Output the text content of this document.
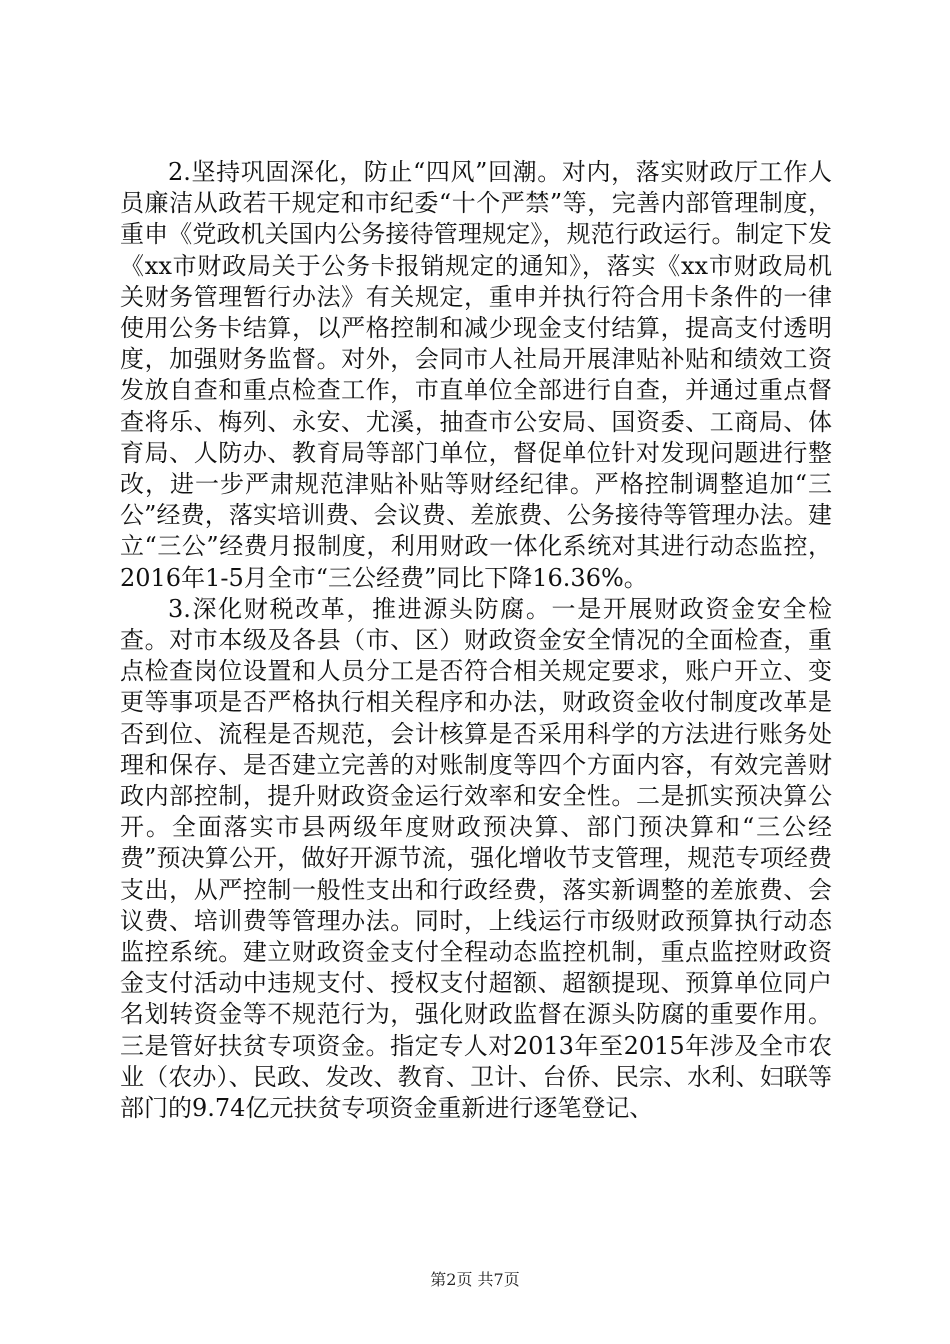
2.坚持巩固深化，防止“四风”回潮。对内，落实财政厅工作人员廉洁从政若干规定和市纪委“十个严禁”等，完善内部管理制度，重申《党政机关国内公务接待管理规定》，规范行政运行。制定下发《xx市财政局关于公务卡报销规定的通知》，落实《xx市财政局机关财务管理暂行办法》有关规定，重申并执行符合用卡条件的一律使用公务卡结算，以严格控制和减少现金支付结算，提高支付透明度，加强财务监督。对外，会同市人社局开展津贴补贴和绩效工资发放自查和重点检查工作，市直单位全部进行自查，并通过重点督查将乐、梅列、永安、尤溪，抽查市公安局、国资委、工商局、体育局、人防办、教育局等部门单位，督促单位针对发现问题进行整改，进一步严肃规范津贴补贴等财经纪律。严格控制调整追加“三公”经费，落实培训费、会议费、差旅费、公务接待等管理办法。建立“三公”经费月报制度，利用财政一体化系统对其进行动态监控，2016年1-5月全市“三公经费”同比下降16.36%。

3.深化财税改革，推进源头防腐。一是开展财政资金安全检查。对市本级及各县（市、区）财政资金安全情况的全面检查，重点检查岗位设置和人员分工是否符合相关规定要求，账户开立、变更等事项是否严格执行相关程序和办法，财政资金收付制度改革是否到位、流程是否规范，会计核算是否采用科学的方法进行账务处理和保存、是否建立完善的对账制度等四个方面内容，有效完善财政内部控制，提升财政资金运行效率和安全性。二是抓实预决算公开。全面落实市县两级年度财政预决算、部门预决算和“三公经费”预决算公开，做好开源节流，强化增收节支管理，规范专项经费支出，从严控制一般性支出和行政经费，落实新调整的差旅费、会议费、培训费等管理办法。同时，上线运行市级财政预算执行动态监控系统。建立财政资金支付全程动态监控机制，重点监控财政资金支付活动中违规支付、授权支付超额、超额提现、预算单位同户名划转资金等不规范行为，强化财政监督在源头防腐的重要作用。三是管好扶贫专项资金。指定专人对2013年至2015年涉及全市农业（农办）、民政、发改、教育、卫计、台侨、民宗、水利、妇联等部门的9.74亿元扶贫专项资金重新进行逐笔登记、

第2页 共7页
